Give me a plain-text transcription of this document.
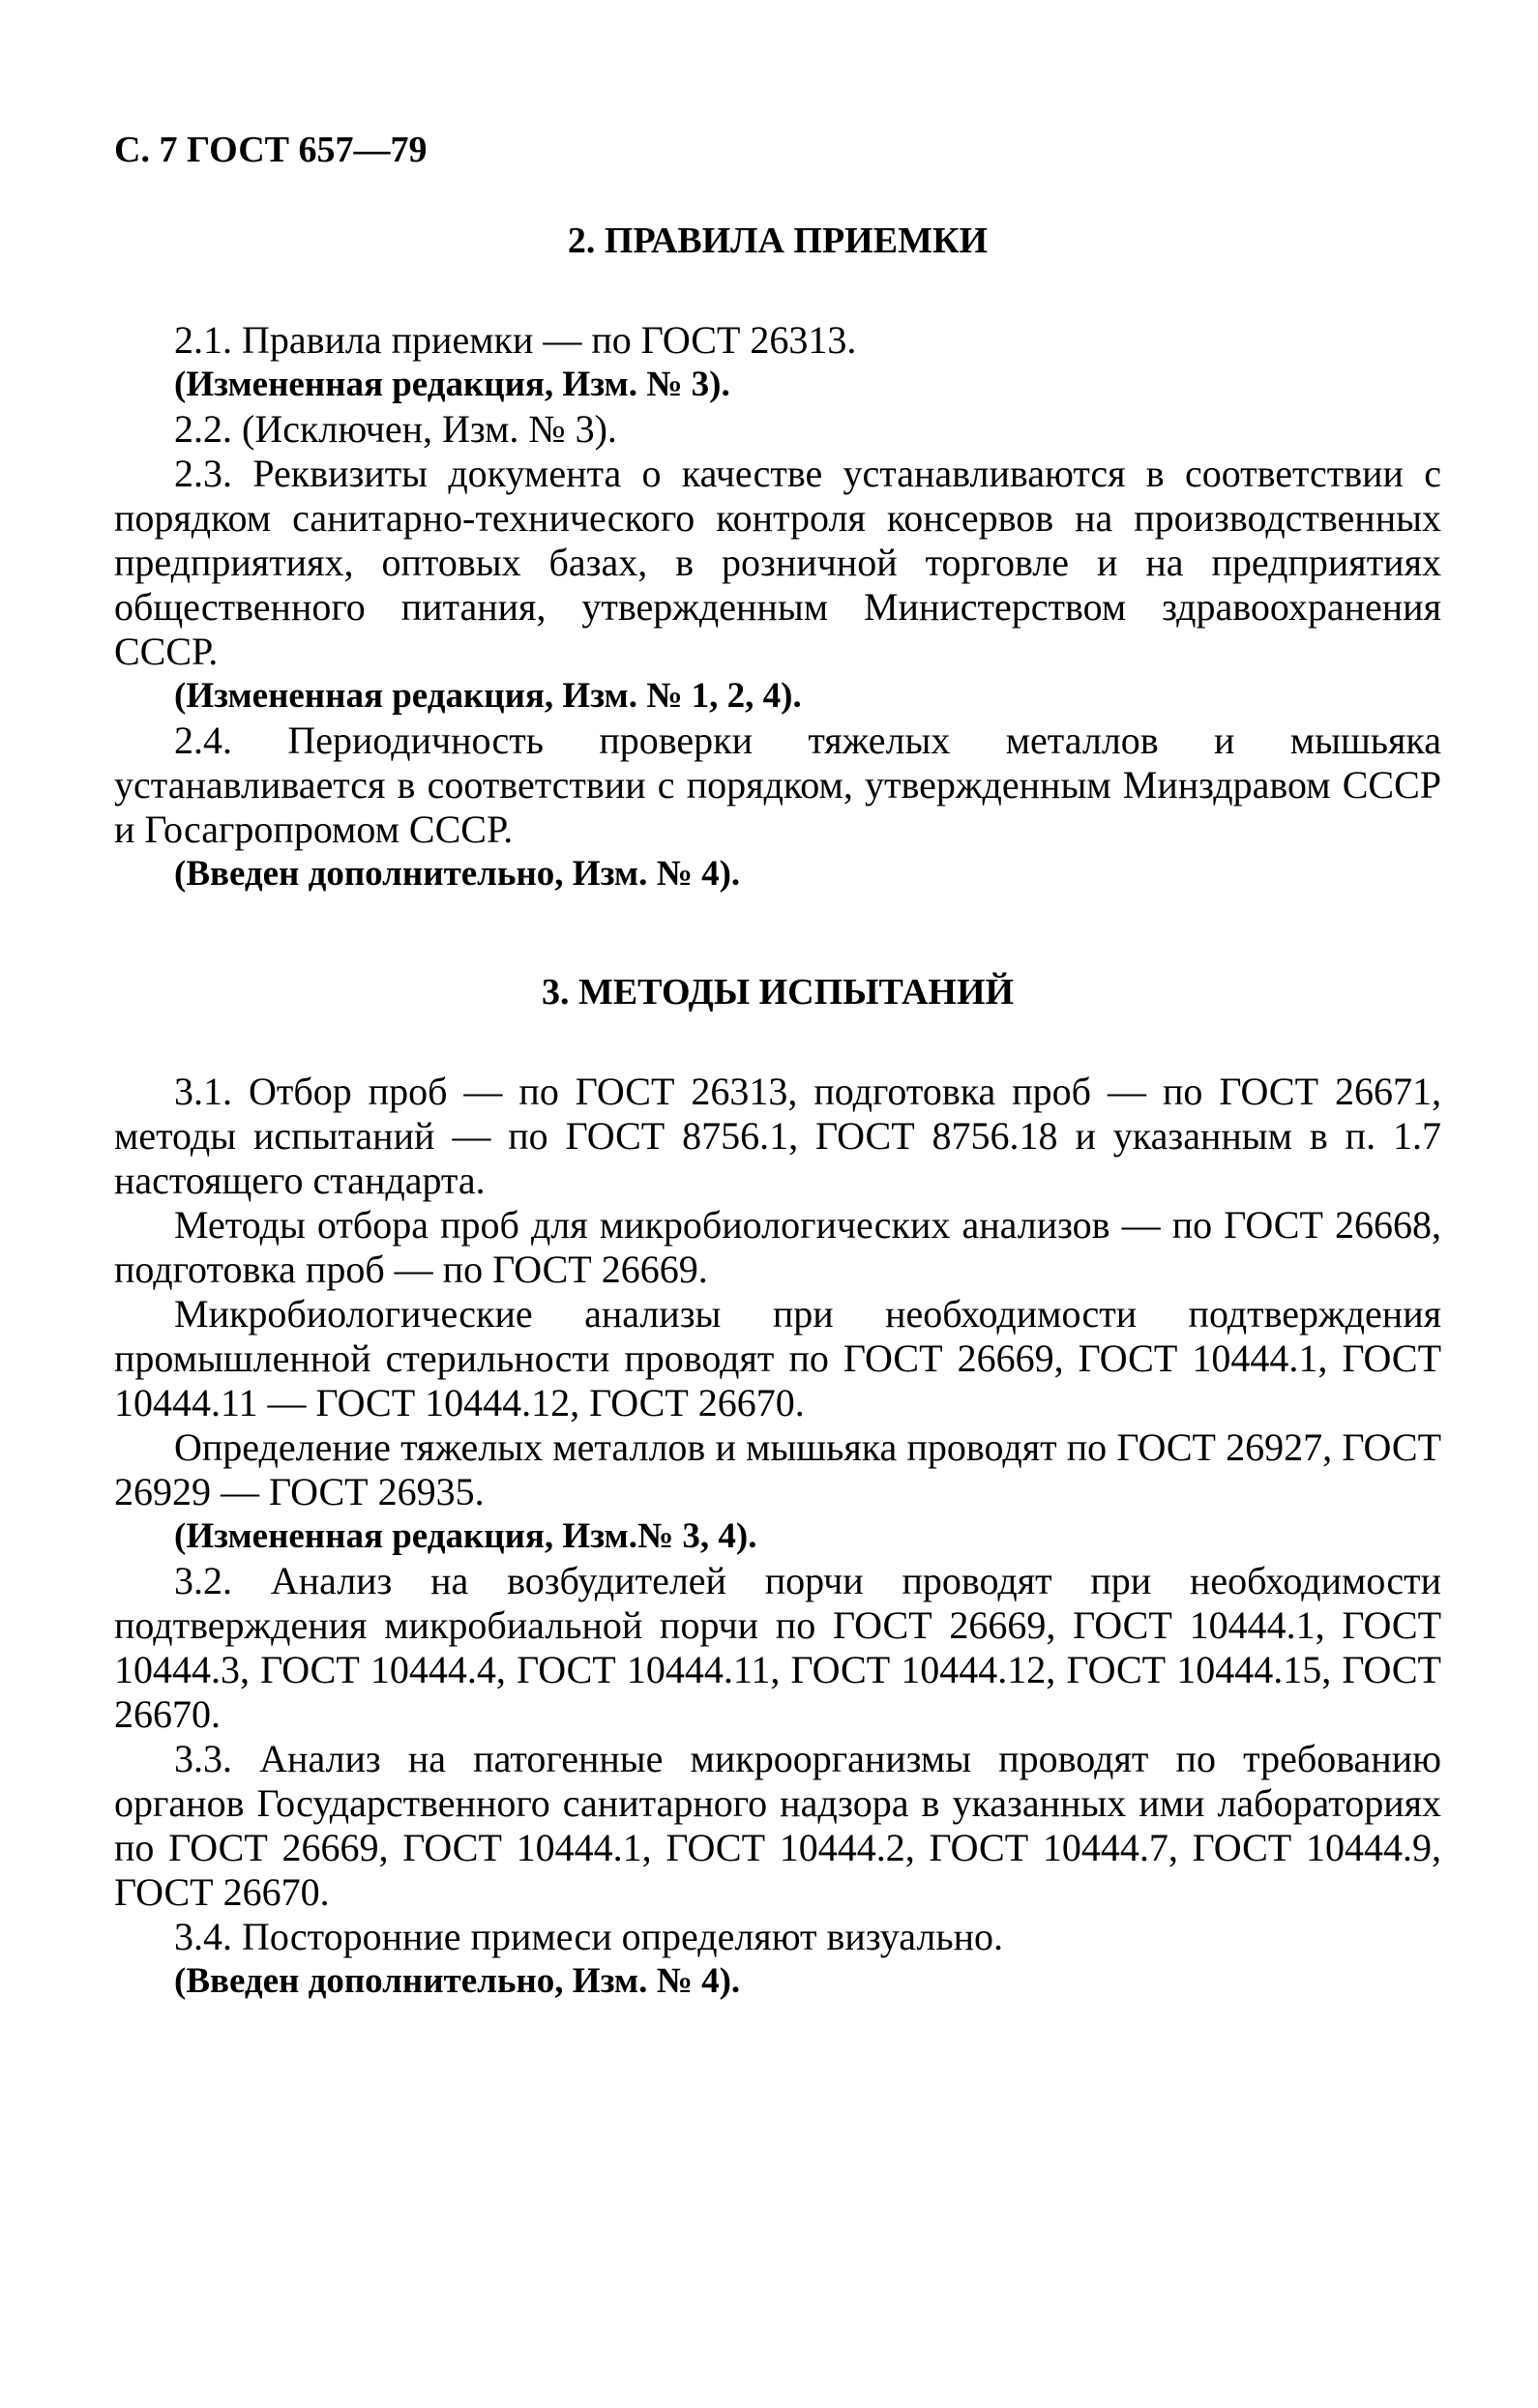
С. 7 ГОСТ 657—79
2. ПРАВИЛА ПРИЕМКИ

2.1. Правила приемки — по ГОСТ 26313.

(Измененная редакция, Изм. № 3).

2.2. (Исключен, Изм. № 3).

2.3. Реквизиты документа о качестве устанавливаются в соответствии с порядком санитарно-технического контроля консервов на производственных предприятиях, оптовых базах, в розничной торговле и на предприятиях общественного питания, утвержденным Министерством здравоохранения СССР.

(Измененная редакция, Изм. № 1, 2, 4).

2.4. Периодичность проверки тяжелых металлов и мышьяка устанавливается в соответствии с порядком, утвержденным Минздравом СССР и Госагропромом СССР.

(Введен дополнительно, Изм. № 4).

3. МЕТОДЫ ИСПЫТАНИЙ

3.1. Отбор проб — по ГОСТ 26313, подготовка проб — по ГОСТ 26671, методы испытаний — по ГОСТ 8756.1, ГОСТ 8756.18 и указанным в п. 1.7 настоящего стандарта.

Методы отбора проб для микробиологических анализов — по ГОСТ 26668, подготовка проб — по ГОСТ 26669.

Микробиологические анализы при необходимости подтверждения промышленной стерильности проводят по ГОСТ 26669, ГОСТ 10444.1, ГОСТ 10444.11 — ГОСТ 10444.12, ГОСТ 26670.

Определение тяжелых металлов и мышьяка проводят по ГОСТ 26927, ГОСТ 26929 — ГОСТ 26935.

(Измененная редакция, Изм.№ 3, 4).

3.2. Анализ на возбудителей порчи проводят при необходимости подтверждения микробиальной порчи по ГОСТ 26669, ГОСТ 10444.1, ГОСТ 10444.3, ГОСТ 10444.4, ГОСТ 10444.11, ГОСТ 10444.12, ГОСТ 10444.15, ГОСТ 26670.

3.3. Анализ на патогенные микроорганизмы проводят по требованию органов Государственного санитарного надзора в указанных ими лабораториях по ГОСТ 26669, ГОСТ 10444.1, ГОСТ 10444.2, ГОСТ 10444.7, ГОСТ 10444.9, ГОСТ 26670.

3.4. Посторонние примеси определяют визуально.

(Введен дополнительно, Изм. № 4).
